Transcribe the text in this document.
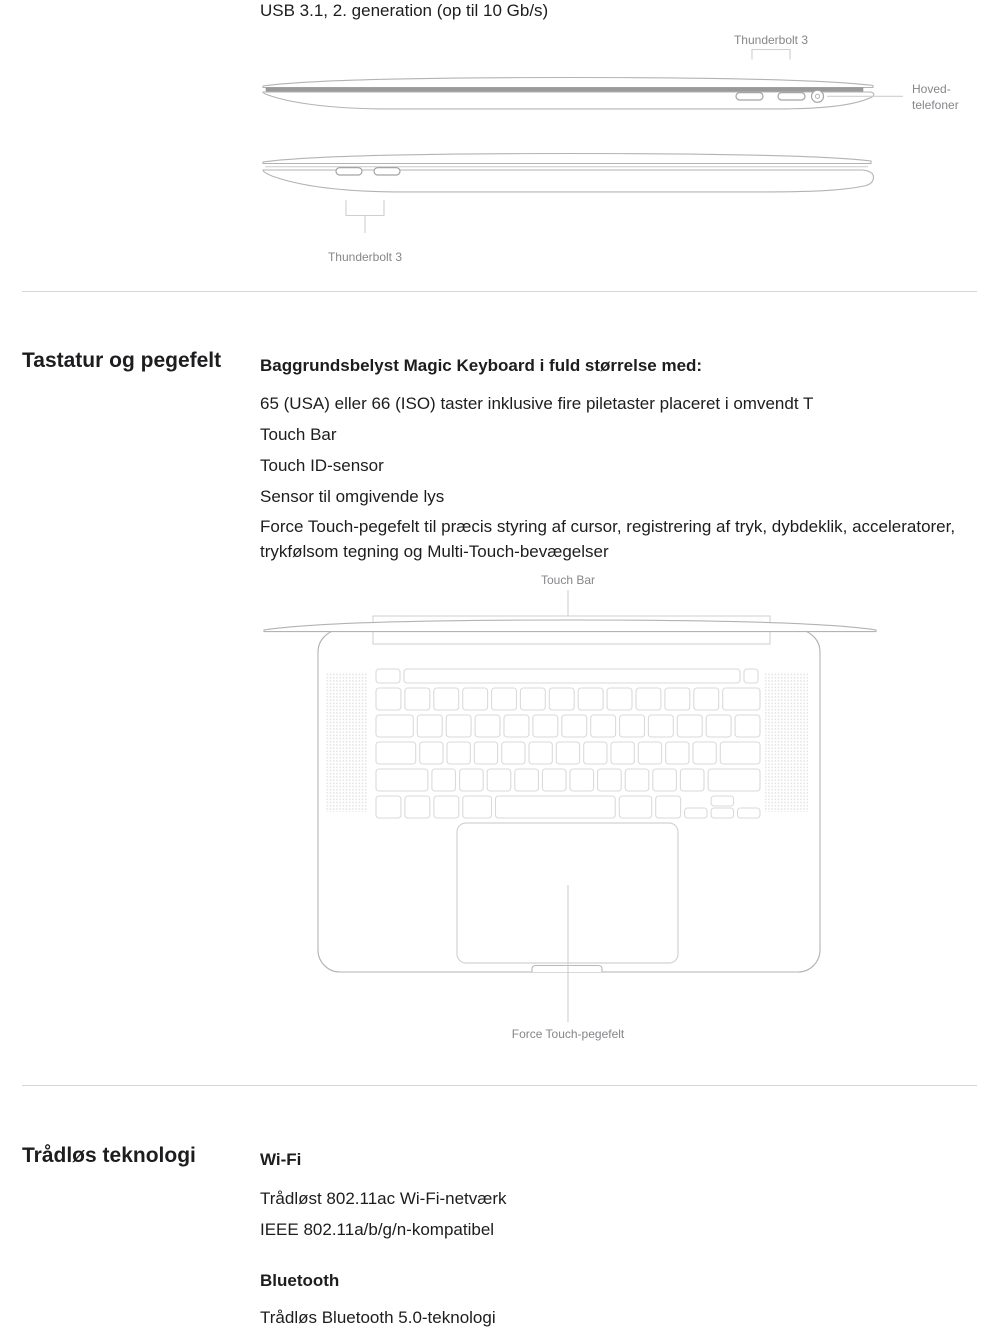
USB 3.1, 2. generation (op til 10 Gb/s)
Thunderbolt 3
Hoved-
telefoner
Thunderbolt 3
Tastatur og pegefelt	Baggrundsbelyst Magic Keyboard i fuld størrelse med:
65 (USA) eller 66 (ISO) taster inklusive fire piletaster placeret i omvendt T
Touch Bar
Touch ID-sensor
Sensor til omgivende lys
Force Touch-pegefelt til præcis styring af cursor, registrering af tryk, dybdeklik, acceleratorer, trykfølsom tegning og Multi-Touch-bevægelser
Touch Bar
Force Touch-pegefelt
Trådløs teknologi	Wi-Fi
Trådløst 802.11ac Wi-Fi-netværk
IEEE 802.11a/b/g/n-kompatibel
Bluetooth
Trådløs Bluetooth 5.0-teknologi
